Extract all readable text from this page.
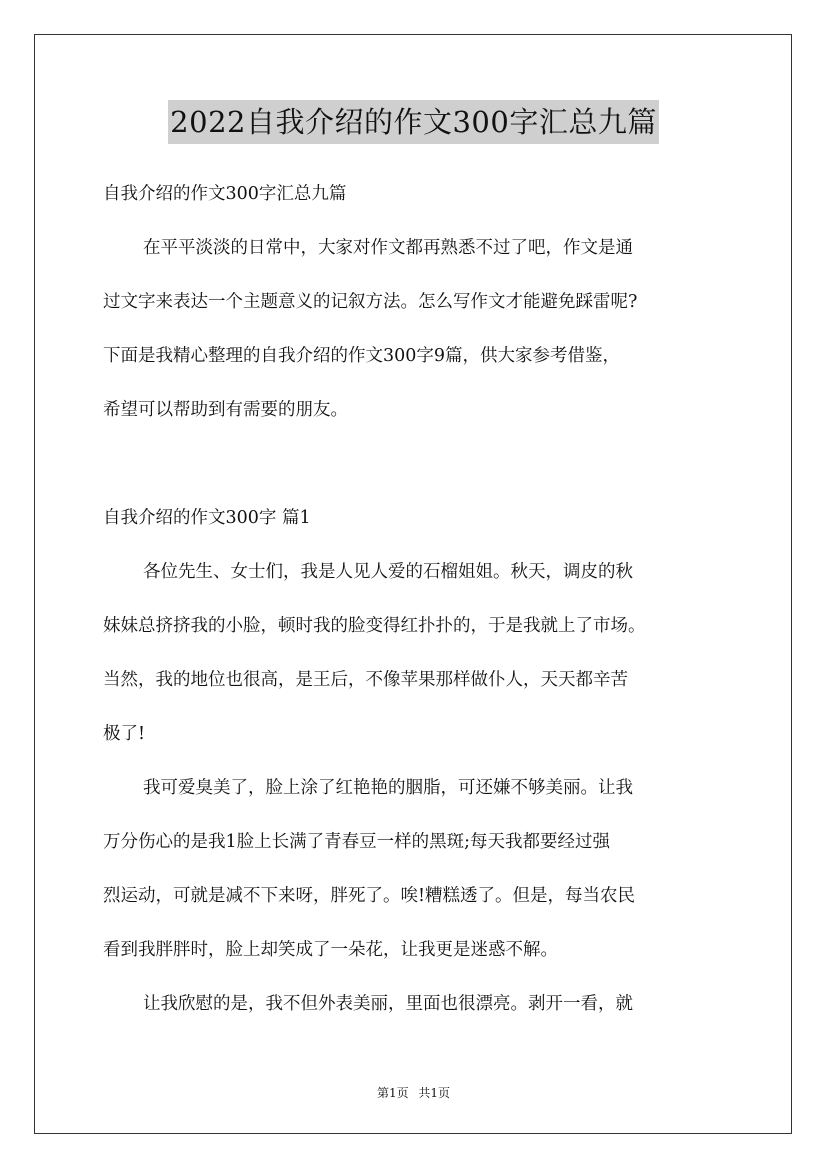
2022自我介绍的作文300字汇总九篇
自我介绍的作文300字汇总九篇
在平平淡淡的日常中，大家对作文都再熟悉不过了吧，作文是通
过文字来表达一个主题意义的记叙方法。怎么写作文才能避免踩雷呢?
下面是我精心整理的自我介绍的作文300字9篇，供大家参考借鉴，
希望可以帮助到有需要的朋友。
自我介绍的作文300字 篇1
各位先生、女士们，我是人见人爱的石榴姐姐。秋天，调皮的秋
妹妹总挤挤我的小脸，顿时我的脸变得红扑扑的，于是我就上了市场。
当然，我的地位也很高，是王后，不像苹果那样做仆人，天天都辛苦
极了!
我可爱臭美了，脸上涂了红艳艳的胭脂，可还嫌不够美丽。让我
万分伤心的是我1脸上长满了青春豆一样的黑斑;每天我都要经过强
烈运动，可就是减不下来呀，胖死了。唉!糟糕透了。但是，每当农民
看到我胖胖时，脸上却笑成了一朵花，让我更是迷惑不解。
让我欣慰的是，我不但外表美丽，里面也很漂亮。剥开一看，就
第1页 共1页
